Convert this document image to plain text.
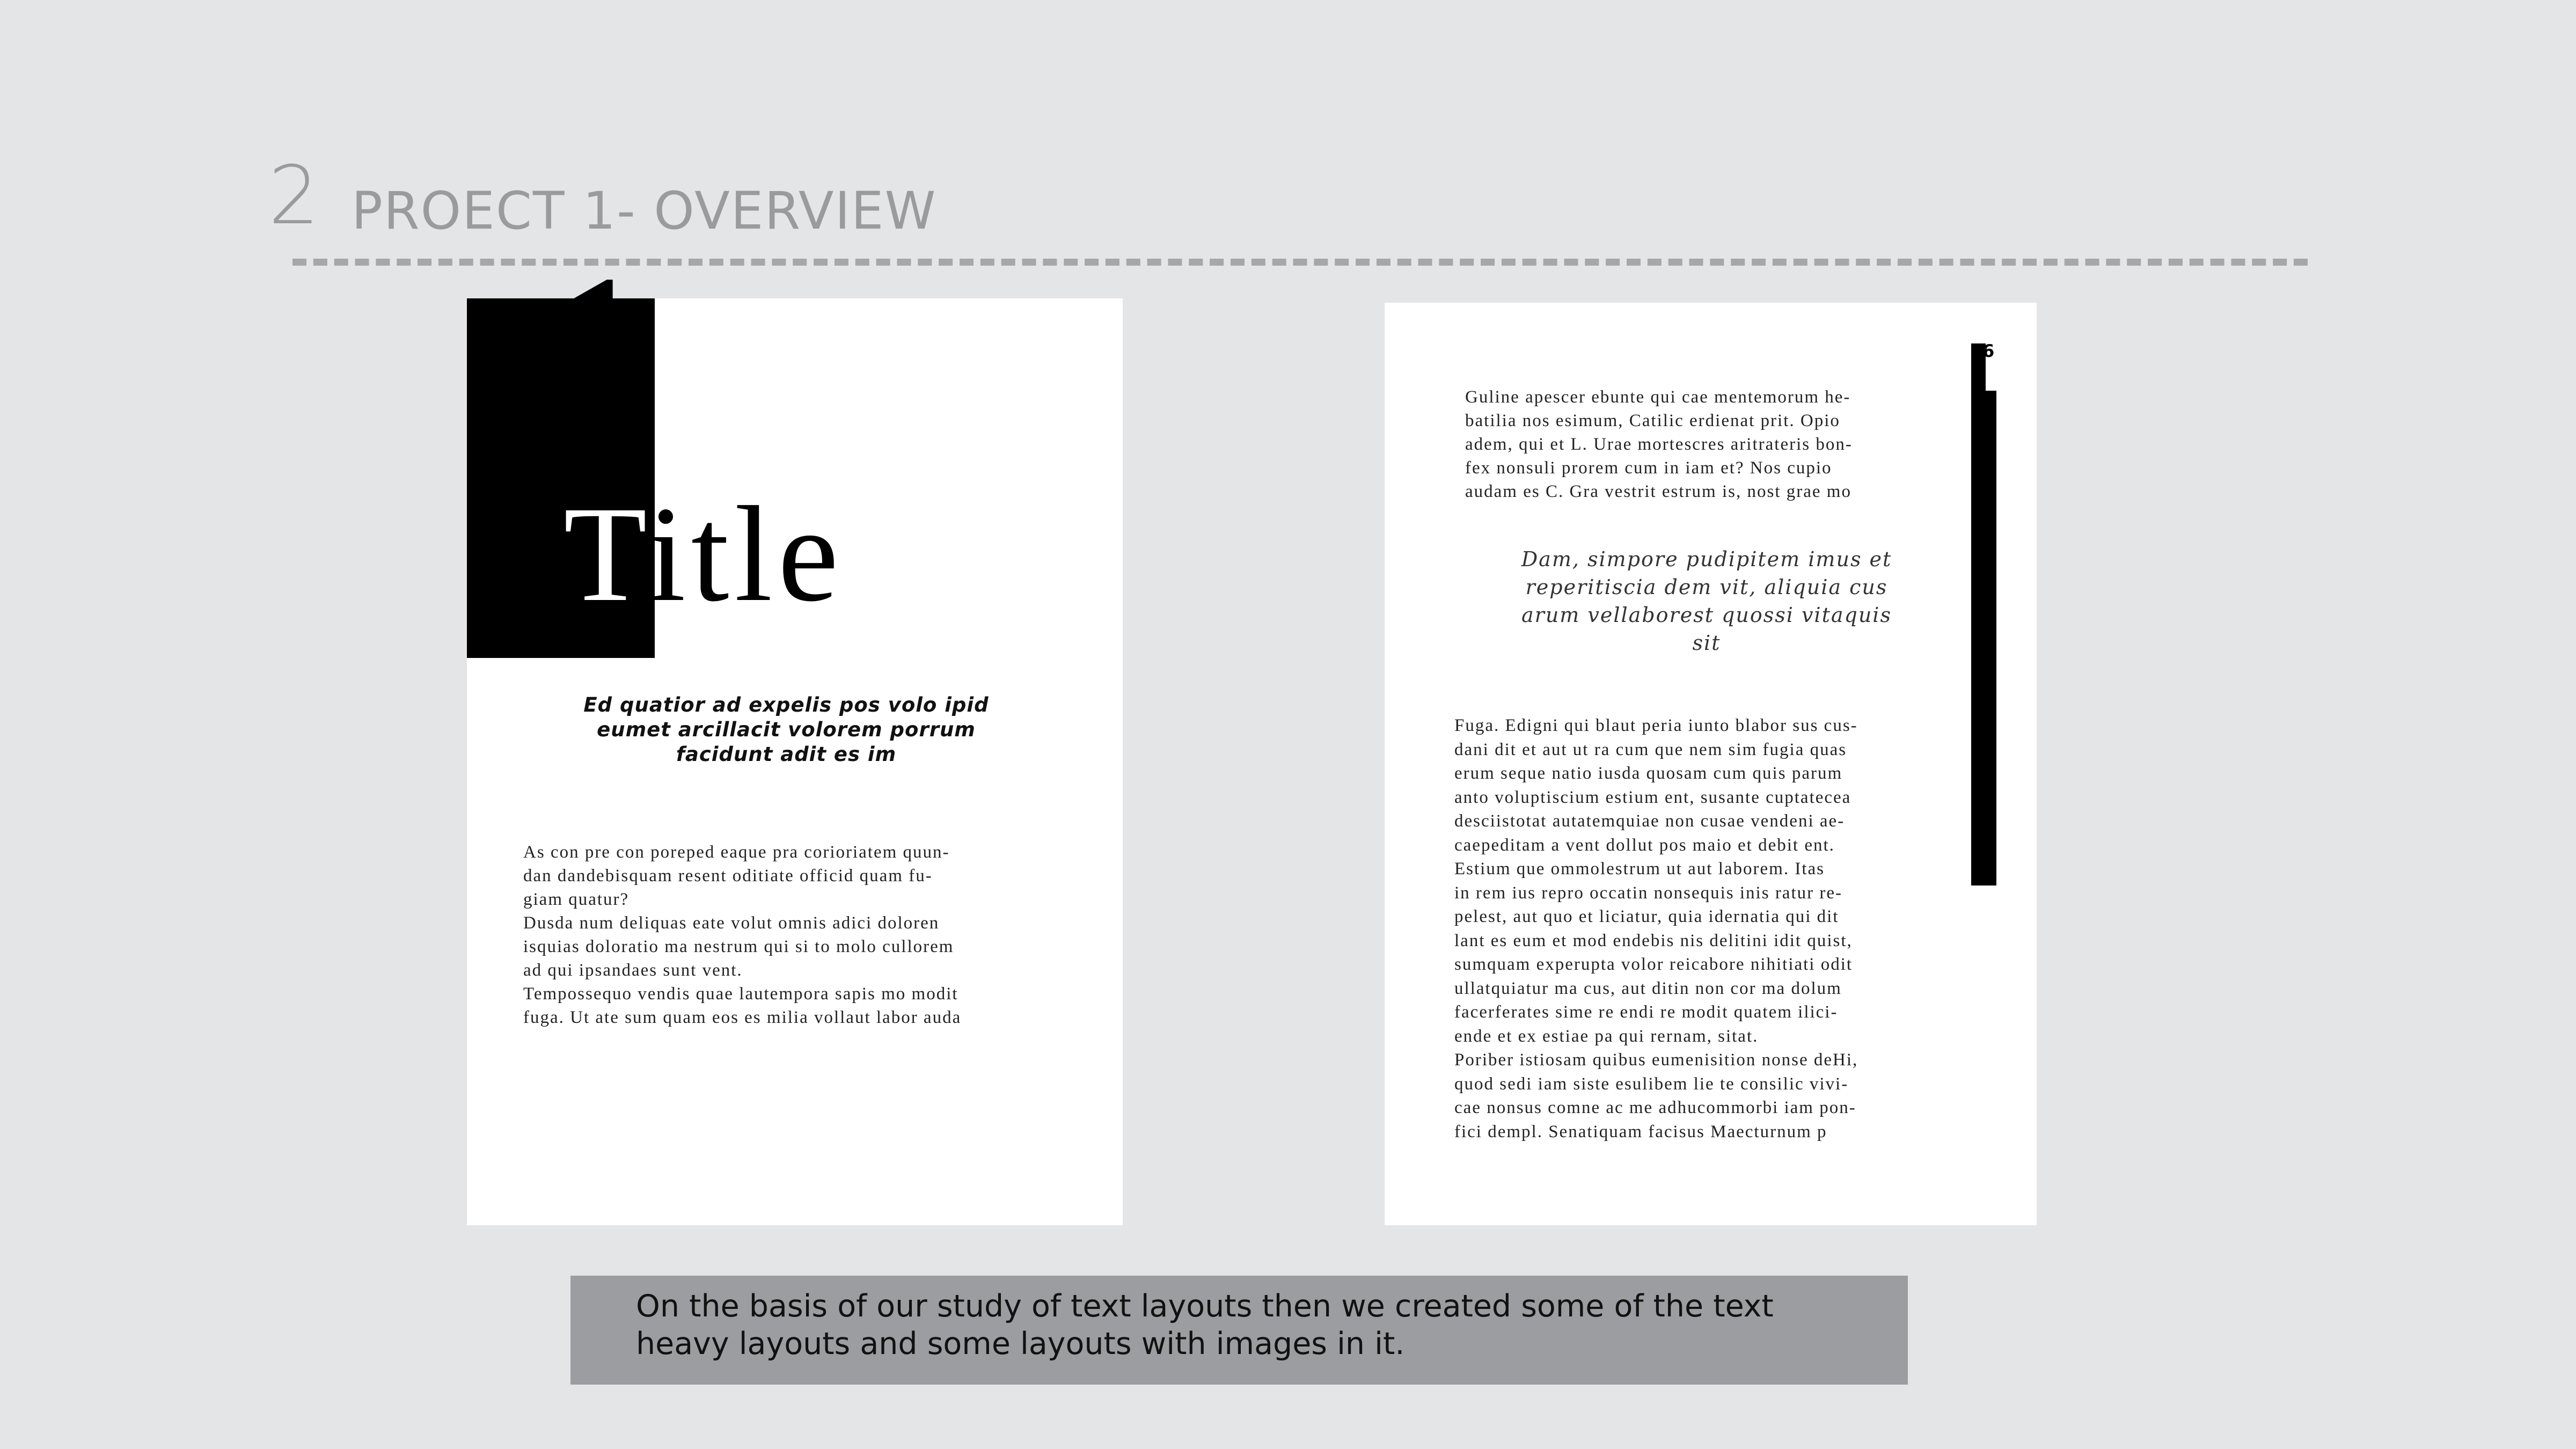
2 PROECT 1- OVERVIEW
1
Title
Ed quatior ad expelis pos volo ipid
eumet arcillacit volorem porrum
facidunt adit es im
As con pre con poreped eaque pra corioriatem quun-
dan dandebisquam resent oditiate officid quam fu-
giam quatur?
Dusda num deliquas eate volut omnis adici doloren
isquias doloratio ma nestrum qui si to molo cullorem
ad qui ipsandaes sunt vent.
Tempossequo vendis quae lautempora sapis mo modit
fuga. Ut ate sum quam eos es milia vollaut labor auda
Guline apescer ebunte qui cae mentemorum he-
batilia nos esimum, Catilic erdienat prit. Opio
adem, qui et L. Urae mortescres aritrateris bon-
fex nonsuli prorem cum in iam et? Nos cupio
audam es C. Gra vestrit estrum is, nost grae mo
Dam, simpore pudipitem imus et
reperitiscia dem vit, aliquia cus
arum vellaborest quossi vitaquis
sit
Fuga. Edigni qui blaut peria iunto blabor sus cus-
dani dit et aut ut ra cum que nem sim fugia quas
erum seque natio iusda quosam cum quis parum
anto voluptiscium estium ent, susante cuptatecea
desciistotat autatemquiae non cusae vendeni ae-
caepeditam a vent dollut pos maio et debit ent.
Estium que ommolestrum ut aut laborem. Itas
in rem ius repro occatin nonsequis inis ratur re-
pelest, aut quo et liciatur, quia idernatia qui dit
lant es eum et mod endebis nis delitini idit quist,
sumquam experupta volor reicabore nihitiati odit
ullatquiatur ma cus, aut ditin non cor ma dolum
facerferates sime re endi re modit quatem ilici-
ende et ex estiae pa qui rernam, sitat.
Poriber istiosam quibus eumenisition nonse deHi,
quod sedi iam siste esulibem lie te consilic vivi-
cae nonsus comne ac me adhucommorbi iam pon-
fici dempl. Senatiquam facisus Maecturnum p
6
On the basis of our study of text layouts then we created some of the text
heavy layouts and some layouts with images in it.
